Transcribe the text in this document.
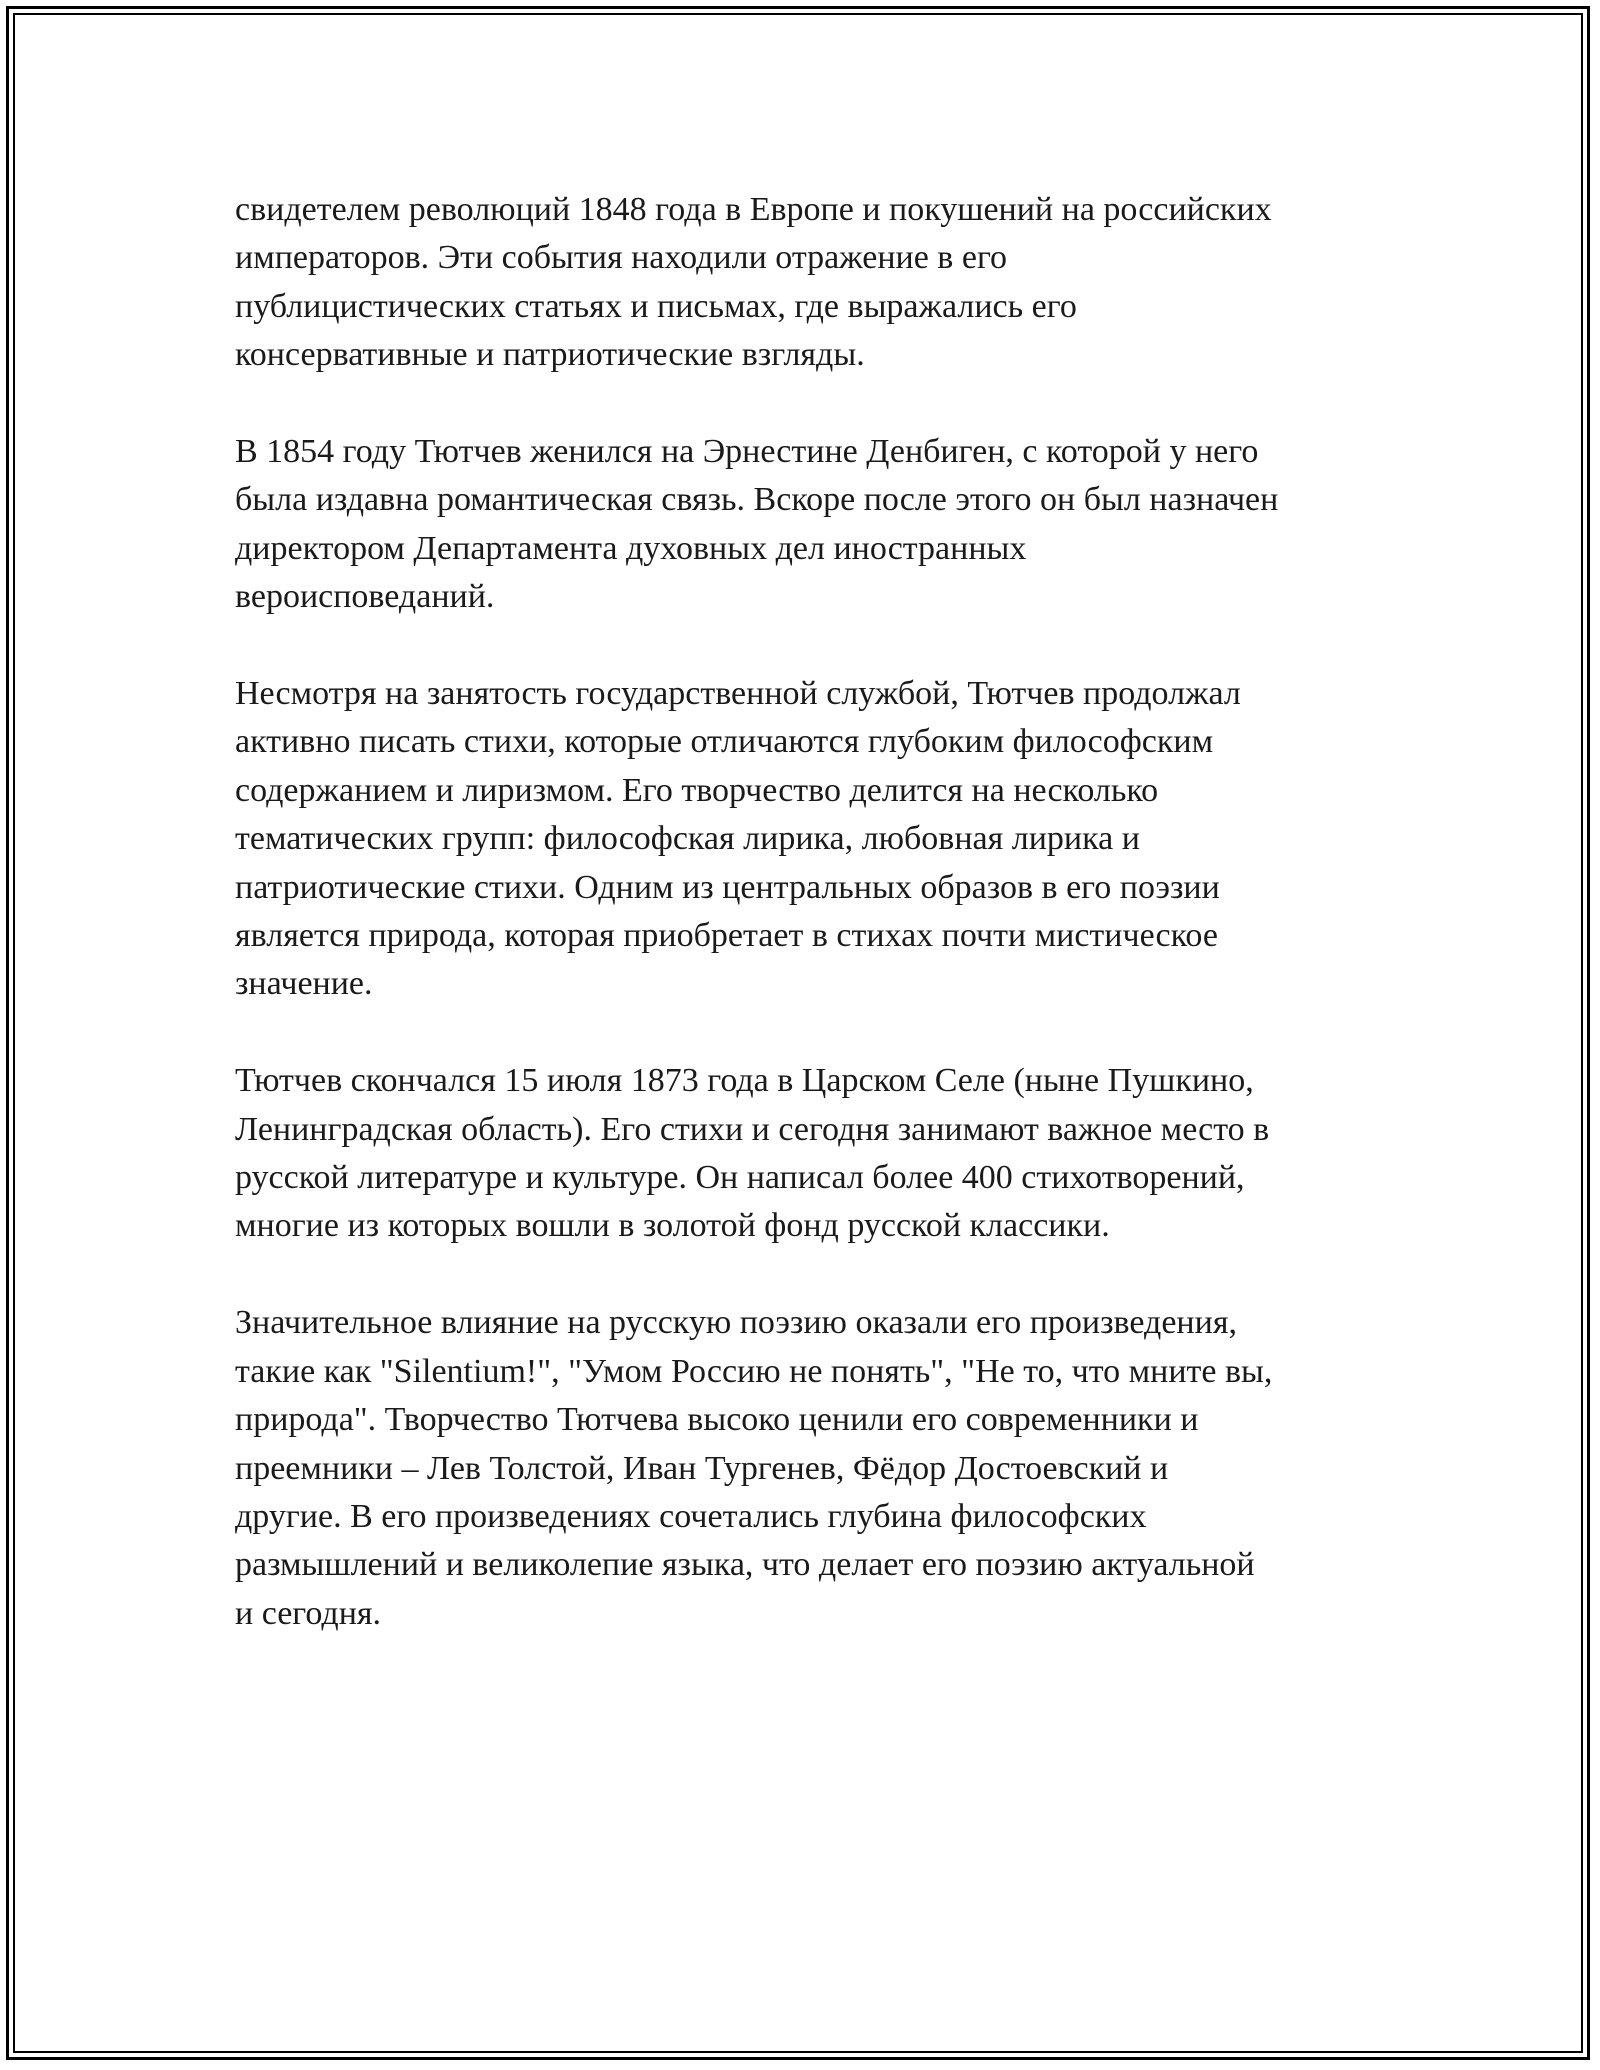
свидетелем революций 1848 года в Европе и покушений на российских
императоров. Эти события находили отражение в его
публицистических статьях и письмах, где выражались его
консервативные и патриотические взгляды.

В 1854 году Тютчев женился на Эрнестине Денбиген, с которой у него
была издавна романтическая связь. Вскоре после этого он был назначен
директором Департамента духовных дел иностранных
вероисповеданий.

Несмотря на занятость государственной службой, Тютчев продолжал
активно писать стихи, которые отличаются глубоким философским
содержанием и лиризмом. Его творчество делится на несколько
тематических групп: философская лирика, любовная лирика и
патриотические стихи. Одним из центральных образов в его поэзии
является природа, которая приобретает в стихах почти мистическое
значение.

Тютчев скончался 15 июля 1873 года в Царском Селе (ныне Пушкино,
Ленинградская область). Его стихи и сегодня занимают важное место в
русской литературе и культуре. Он написал более 400 стихотворений,
многие из которых вошли в золотой фонд русской классики.

Значительное влияние на русскую поэзию оказали его произведения,
такие как "Silentium!", "Умом Россию не понять", "Не то, что мните вы,
природа". Творчество Тютчева высоко ценили его современники и
преемники – Лев Толстой, Иван Тургенев, Фёдор Достоевский и
другие. В его произведениях сочетались глубина философских
размышлений и великолепие языка, что делает его поэзию актуальной
и сегодня.
